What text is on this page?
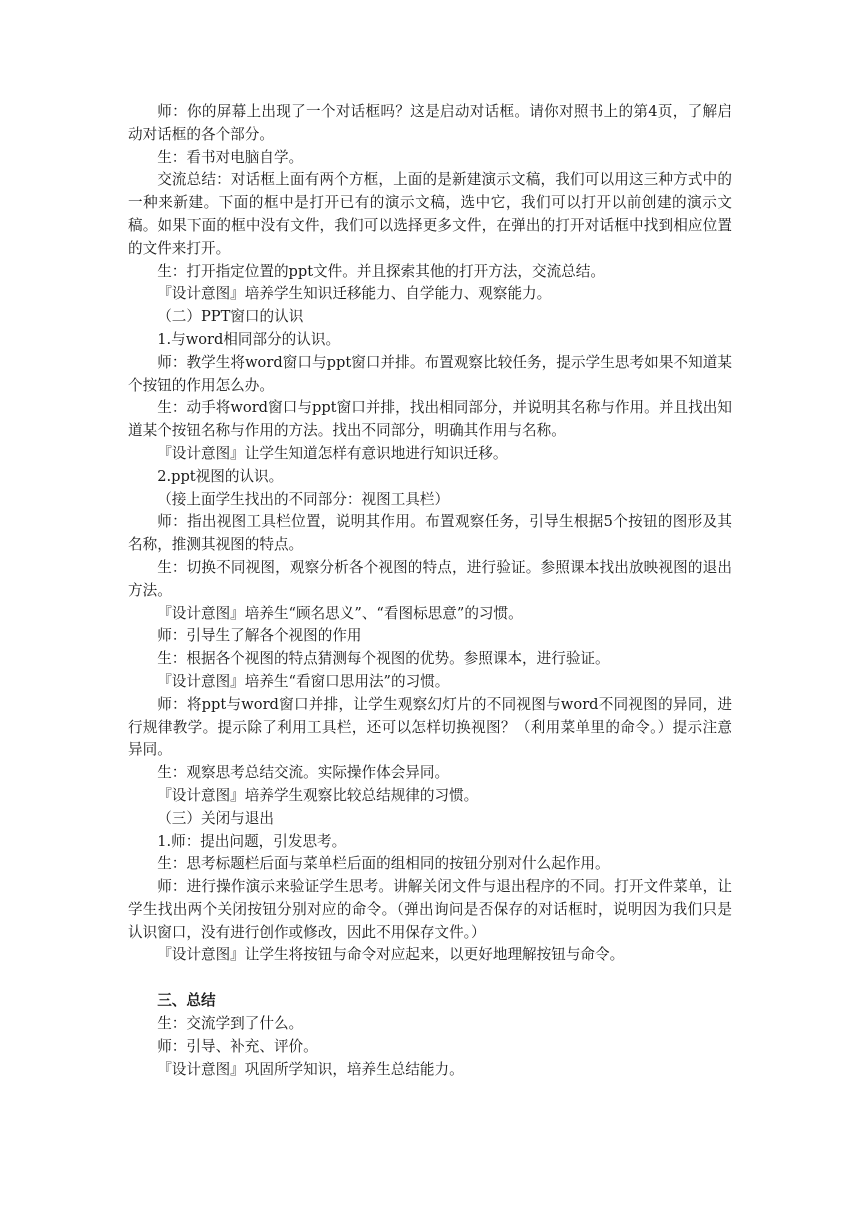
师：你的屏幕上出现了一个对话框吗？这是启动对话框。请你对照书上的第4页，了解启动对话框的各个部分。

生：看书对电脑自学。

交流总结：对话框上面有两个方框，上面的是新建演示文稿，我们可以用这三种方式中的一种来新建。下面的框中是打开已有的演示文稿，选中它，我们可以打开以前创建的演示文稿。如果下面的框中没有文件，我们可以选择更多文件，在弹出的打开对话框中找到相应位置的文件来打开。

生：打开指定位置的ppt文件。并且探索其他的打开方法，交流总结。

『设计意图』培养学生知识迁移能力、自学能力、观察能力。

（二）PPT窗口的认识

1.与word相同部分的认识。

师：教学生将word窗口与ppt窗口并排。布置观察比较任务，提示学生思考如果不知道某个按钮的作用怎么办。

生：动手将word窗口与ppt窗口并排，找出相同部分，并说明其名称与作用。并且找出知道某个按钮名称与作用的方法。找出不同部分，明确其作用与名称。

『设计意图』让学生知道怎样有意识地进行知识迁移。

2.ppt视图的认识。

（接上面学生找出的不同部分：视图工具栏）

师：指出视图工具栏位置，说明其作用。布置观察任务，引导生根据5个按钮的图形及其名称，推测其视图的特点。

生：切换不同视图，观察分析各个视图的特点，进行验证。参照课本找出放映视图的退出方法。

『设计意图』培养生“顾名思义”、“看图标思意”的习惯。

师：引导生了解各个视图的作用

生：根据各个视图的特点猜测每个视图的优势。参照课本，进行验证。

『设计意图』培养生“看窗口思用法”的习惯。

师：将ppt与word窗口并排，让学生观察幻灯片的不同视图与word不同视图的异同，进行规律教学。提示除了利用工具栏，还可以怎样切换视图？（利用菜单里的命令。）提示注意异同。

生：观察思考总结交流。实际操作体会异同。

『设计意图』培养学生观察比较总结规律的习惯。

（三）关闭与退出

1.师：提出问题，引发思考。

生：思考标题栏后面与菜单栏后面的组相同的按钮分别对什么起作用。

师：进行操作演示来验证学生思考。讲解关闭文件与退出程序的不同。打开文件菜单，让学生找出两个关闭按钮分别对应的命令。（弹出询问是否保存的对话框时，说明因为我们只是认识窗口，没有进行创作或修改，因此不用保存文件。）

『设计意图』让学生将按钮与命令对应起来，以更好地理解按钮与命令。

三、总结

生：交流学到了什么。

师：引导、补充、评价。

『设计意图』巩固所学知识，培养生总结能力。
